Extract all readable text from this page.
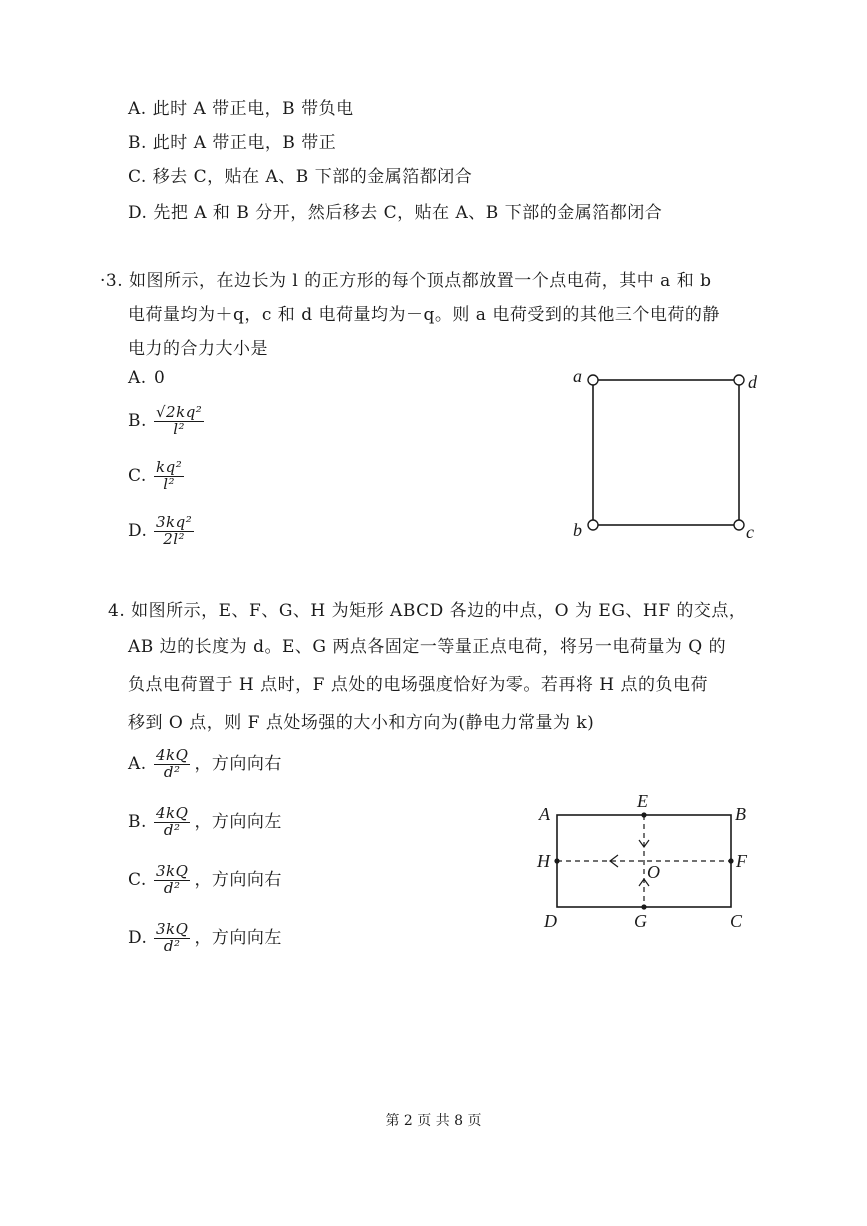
A. 此时 A 带正电，B 带负电
B. 此时 A 带正电，B 带正
C. 移去 C，贴在 A、B 下部的金属箔都闭合
D. 先把 A 和 B 分开，然后移去 C，贴在 A、B 下部的金属箔都闭合
·3. 如图所示，在边长为 l 的正方形的每个顶点都放置一个点电荷，其中 a 和 b
电荷量均为＋q，c 和 d 电荷量均为－q。则 a 电荷受到的其他三个电荷的静
电力的合力大小是
A. 0
B. $\frac{\text{√2kq²}}{\text{l²}}$
C. $\frac{\text{kq²}}{\text{l²}}$
D. $\frac{\text{3kq²}}{\text{2l²}}$
a	d
b	c
4. 如图所示，E、F、G、H 为矩形 ABCD 各边的中点，O 为 EG、HF 的交点，
AB 边的长度为 d。E、G 两点各固定一等量正点电荷，将另一电荷量为 Q 的
负点电荷置于 H 点时，F 点处的电场强度恰好为零。若再将 H 点的负电荷
移到 O 点，则 F 点处场强的大小和方向为(静电力常量为 k)
A. $\frac{4kQ}{\text{d²}}$ ，方向向右
B. $\frac{4kQ}{\text{d²}}$ ，方向向左
C. $\frac{3kQ}{\text{d²}}$ ，方向向右
D. $\frac{3kQ}{\text{d²}}$ ，方向向左
A
E
B
H	F
O
D	G	C
第 2 页 共 8 页
